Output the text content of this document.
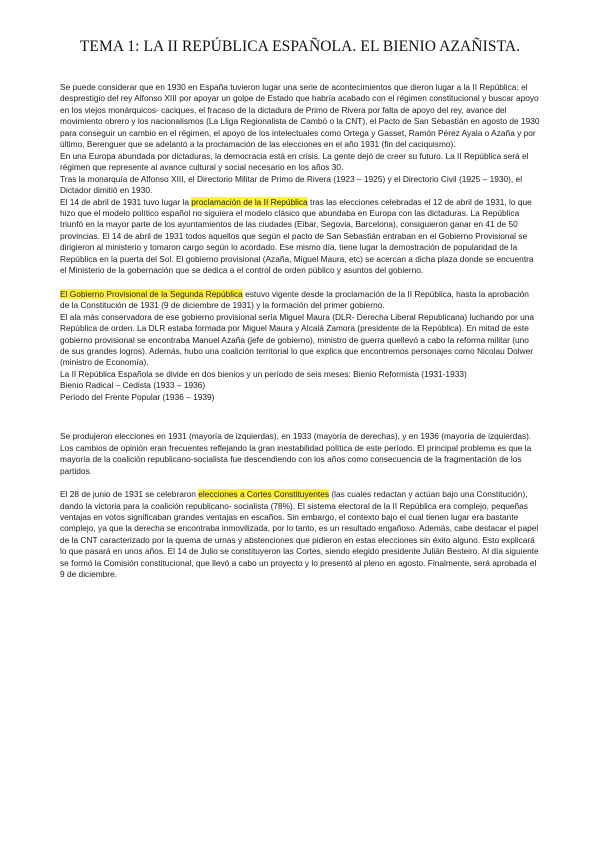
TEMA 1: LA II REPÚBLICA ESPAÑOLA. EL BIENIO AZAÑISTA.

Se puede considerar que en 1930 en España tuvieron lugar una serie de acontecimientos que dieron lugar a la II República: el desprestigio del rey Alfonso XIII por apoyar un golpe de Estado que habría acabado con el régimen constitucional y buscar apoyo en los viejos monárquicos- caciques, el fracaso de la dictadura de Primo de Rivera por falta de apoyo del rey, avance del movimiento obrero y los nacionalismos (La Lliga Regionalista de Cambó o la CNT), el Pacto de San Sebastián en agosto de 1930 para conseguir un cambio en el régimen, el apoyo de los intelectuales como Ortega y Gasset, Ramón Pérez Ayala o Azaña y por último, Berenguer que se adelantó a la proclamación de las elecciones en el año 1931 (fin del caciquismo).

En una Europa abundada por dictaduras, la democracia está en crisis. La gente dejó de creer su futuro. La II República será el régimen que represente al avance cultural y social necesario en los años 30.

Tras la monarquía de Alfonso XIII, el Directorio Militar de Primo de Rivera (1923 – 1925) y el Directorio Civil (1925 – 1930), el Dictador dimitió en 1930.

El 14 de abril de 1931 tuvo lugar la proclamación de la II República tras las elecciones celebradas el 12 de abril de 1931, lo que hizo que el modelo político español no siguiera el modelo clásico que abundaba en Europa con las dictaduras. La República triunfó en la mayor parte de los ayuntamientos de las ciudades (Eibar, Segovia, Barcelona), consiguieron ganar en 41 de 50 provincias. El 14 de abril de 1931 todos aquellos que según el pacto de San Sebastián entraban en el Gobierno Provisional se dirigieron al ministerio y tomaron cargo según lo acordado. Ese mismo día, tiene lugar la demostración de popularidad de la República en la puerta del Sol. El gobierno provisional (Azaña, Miguel Maura, etc) se acercan a dicha plaza donde se encuentra el Ministerio de la gobernación que se dedica a el control de orden público y asuntos del gobierno.

El Gobierno Provisional de la Segunda República estuvo vigente desde la proclamación de la II República, hasta la aprobación de la Constitución de 1931 (9 de diciembre de 1931) y la formación del primer gobierno.

El ala más conservadora de ese gobierno provisional sería Miguel Maura (DLR- Derecha Liberal Republicana) luchando por una República de orden. La DLR estaba formada por Miguel Maura y Alcalá Zamora (presidente de la República). En mitad de este gobierno provisional se encontraba Manuel Azaña (jefe de gobierno), ministro de guerra quellevó a cabo la reforma militar (uno de sus grandes logros). Además, hubo una coalición territorial lo que explica que encontremos personajes como Nicolau Dolwer (ministro de Economía).

La II República Española se divide en dos bienios y un período de seis meses: Bienio Reformista (1931-1933)

Bienio Radical – Cedista (1933 – 1936)

Período del Frente Popular (1936 – 1939)

Se produjeron elecciones en 1931 (mayoría de izquierdas), en 1933 (mayoría de derechas), y en 1936 (mayoría de izquierdas). Los cambios de opinión eran frecuentes reflejando la gran inestabilidad política de este período. El principal problema es que la mayoría de la coalición republicano-socialista fue descendiendo con los años como consecuencia de la fragmentación de los partidos.

El 28 de junio de 1931 se celebraron elecciones a Cortes Constituyentes (las cuales redactan y actúan bajo una Constitución), dando la victoria para la coalición republicano- socialista (78%). El sistema electoral de la II República era complejo, pequeñas ventajas en votos significaban grandes ventajas en escaños. Sin embargo, el contexto bajo el cual tienen lugar era bastante complejo, ya que la derecha se encontraba inmovilizada, por lo tanto, es un resultado engañoso. Además, cabe destacar el papel de la CNT caracterizado por la quema de urnas y abstenciones que pidieron en estas elecciones sin éxito alguno. Esto explicará lo que pasará en unos años. El 14 de Julio se constituyeron las Cortes, siendo elegido presidente Julián Besteiro. Al día siguiente se formó la Comisión constitucional, que llevó a cabo un proyecto y lo presentó al pleno en agosto. Finalmente, será aprobada el 9 de diciembre.
